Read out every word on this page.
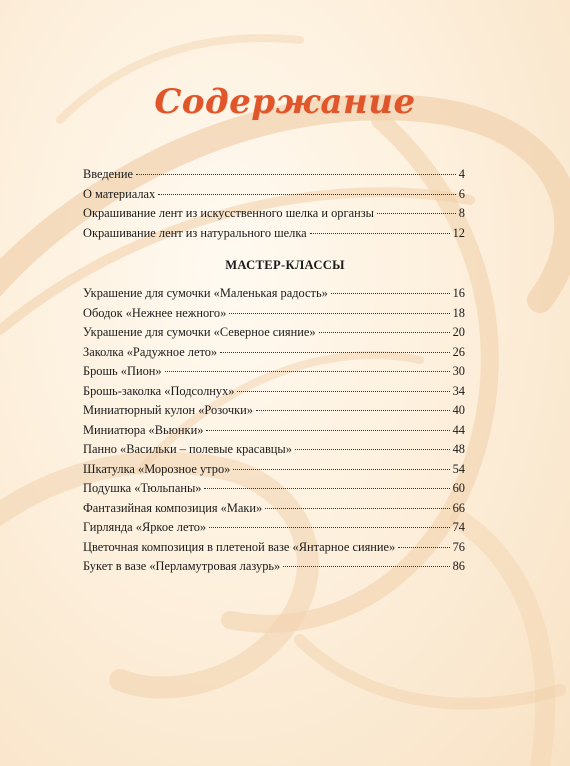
Содержание
Введение	4
О материалах	6
Окрашивание лент из искусственного шелка и органзы	8
Окрашивание лент из натурального шелка	12
МАСТЕР-КЛАССЫ
Украшение для сумочки «Маленькая радость»	16
Ободок «Нежнее нежного»	18
Украшение для сумочки «Северное сияние»	20
Заколка «Радужное лето»	26
Брошь «Пион»	30
Брошь-заколка «Подсолнух»	34
Миниатюрный кулон «Розочки»	40
Миниатюра «Вьюнки»	44
Панно «Васильки – полевые красавцы»	48
Шкатулка «Морозное утро»	54
Подушка «Тюльпаны»	60
Фантазийная композиция «Маки»	66
Гирлянда «Яркое лето»	74
Цветочная композиция в плетеной вазе «Янтарное сияние»	76
Букет в вазе «Перламутровая лазурь»	86
